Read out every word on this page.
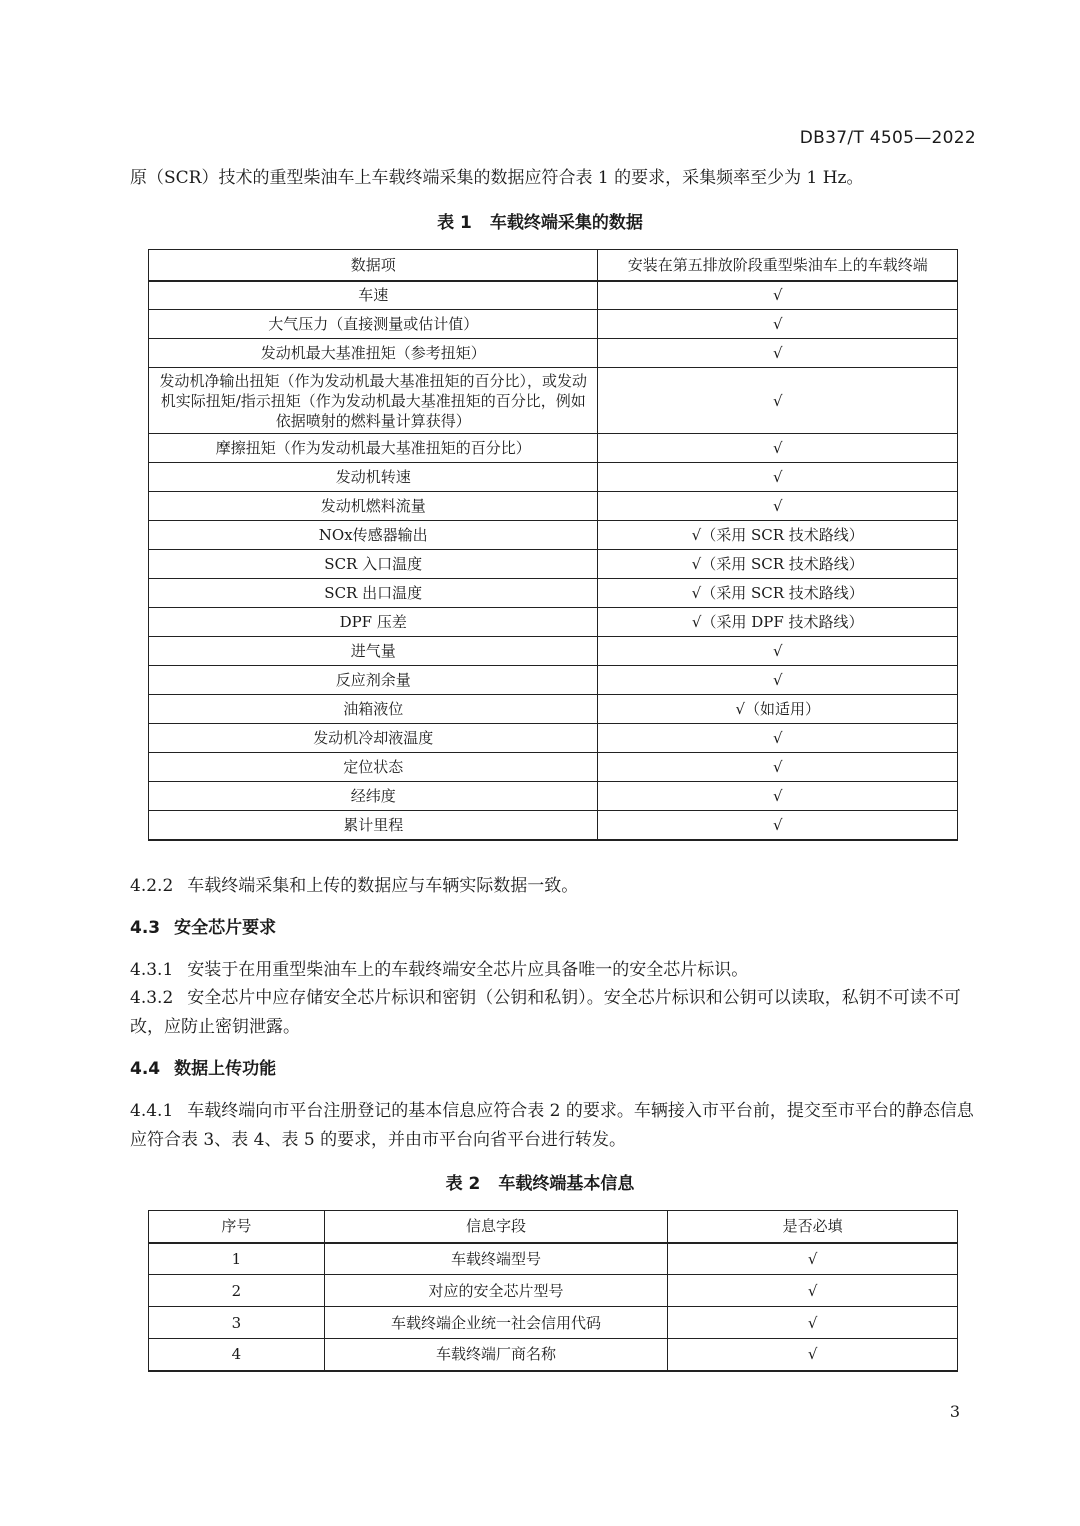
DB37/T 4505—2022

原（SCR）技术的重型柴油车上车载终端采集的数据应符合表 1 的要求，采集频率至少为 1 Hz。

表 1 车载终端采集的数据
数据项	安装在第五排放阶段重型柴油车上的车载终端
车速	√
大气压力（直接测量或估计值）	√
发动机最大基准扭矩（参考扭矩）	√
发动机净输出扭矩（作为发动机最大基准扭矩的百分比），或发动机实际扭矩/指示扭矩（作为发动机最大基准扭矩的百分比，例如依据喷射的燃料量计算获得）	√
摩擦扭矩（作为发动机最大基准扭矩的百分比）	√
发动机转速	√
发动机燃料流量	√
NOx传感器输出	√（采用 SCR 技术路线）
SCR 入口温度	√（采用 SCR 技术路线）
SCR 出口温度	√（采用 SCR 技术路线）
DPF 压差	√（采用 DPF 技术路线）
进气量	√
反应剂余量	√
油箱液位	√（如适用）
发动机冷却液温度	√
定位状态	√
经纬度	√
累计里程	√

4.2.2 车载终端采集和上传的数据应与车辆实际数据一致。

4.3 安全芯片要求

4.3.1 安装于在用重型柴油车上的车载终端安全芯片应具备唯一的安全芯片标识。

4.3.2 安全芯片中应存储安全芯片标识和密钥（公钥和私钥）。安全芯片标识和公钥可以读取，私钥不可读不可改，应防止密钥泄露。

4.4 数据上传功能

4.4.1 车载终端向市平台注册登记的基本信息应符合表 2 的要求。车辆接入市平台前，提交至市平台的静态信息应符合表 3、表 4、表 5 的要求，并由市平台向省平台进行转发。

表 2 车载终端基本信息
序号	信息字段	是否必填
1	车载终端型号	√
2	对应的安全芯片型号	√
3	车载终端企业统一社会信用代码	√
4	车载终端厂商名称	√
3
